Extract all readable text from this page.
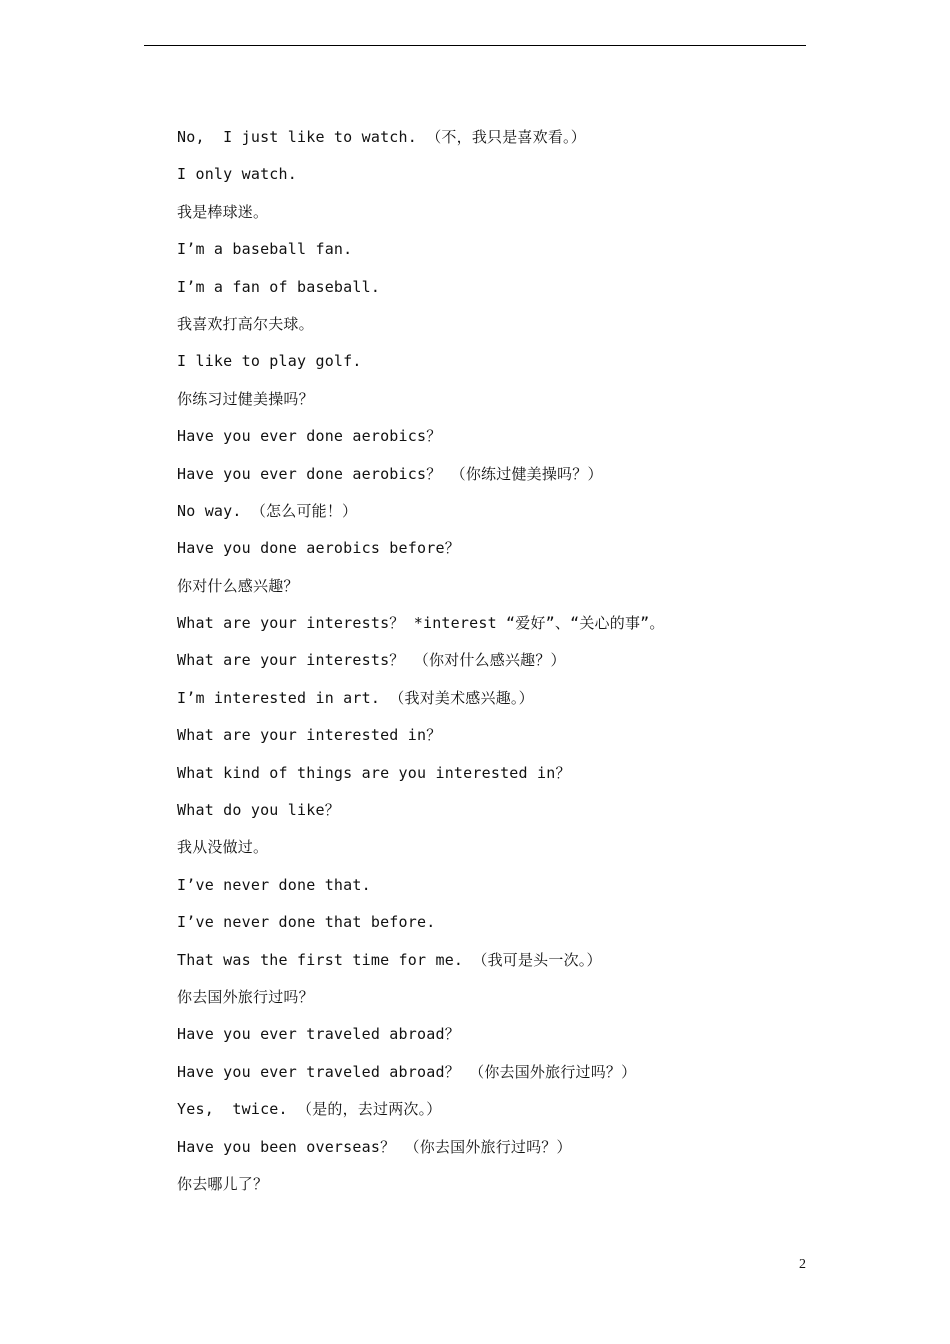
No,  I just like to watch. （不，我只是喜欢看。）
I only watch.
我是棒球迷。
I’m a baseball fan.
I’m a fan of baseball.
我喜欢打高尔夫球。
I like to play golf.
你练习过健美操吗？
Have you ever done aerobics？
Have you ever done aerobics？ （你练过健美操吗？）
No way. （怎么可能！）
Have you done aerobics before？
你对什么感兴趣？
What are your interests？ *interest “爱好”、“关心的事”。
What are your interests？ （你对什么感兴趣？）
I’m interested in art. （我对美术感兴趣。）
What are your interested in？
What kind of things are you interested in？
What do you like？
我从没做过。
I’ve never done that.
I’ve never done that before.
That was the first time for me. （我可是头一次。）
你去国外旅行过吗？
Have you ever traveled abroad？
Have you ever traveled abroad？ （你去国外旅行过吗？）
Yes,  twice. （是的，去过两次。）
Have you been overseas？ （你去国外旅行过吗？）
你去哪儿了？
2
